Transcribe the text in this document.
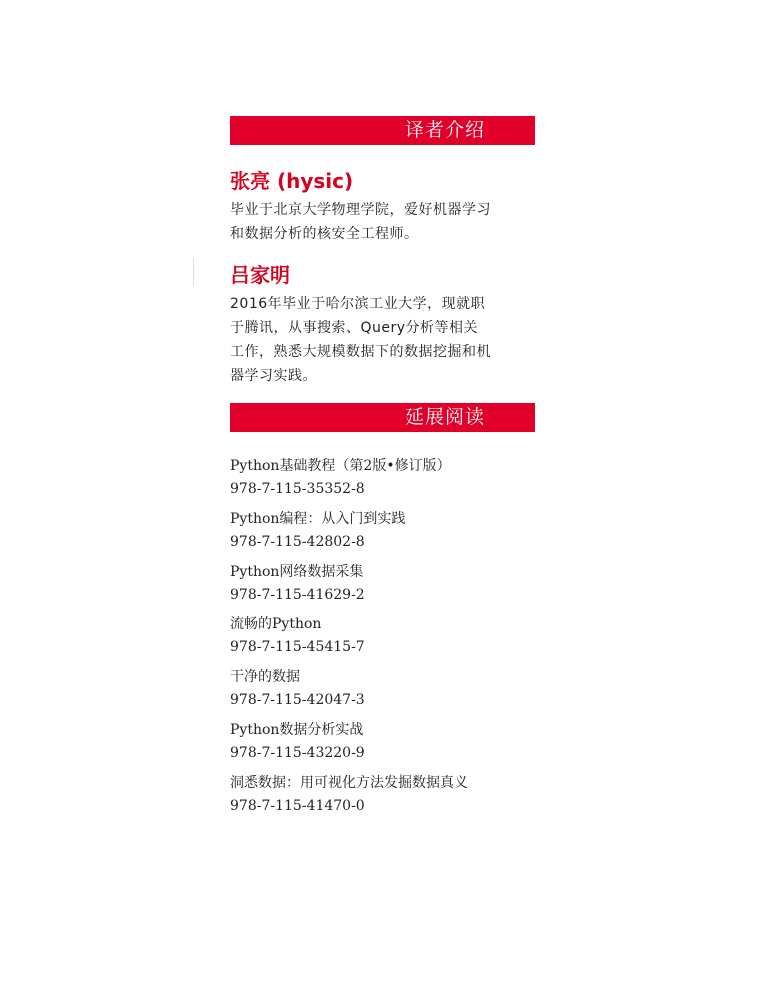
译者介绍
张亮 (hysic)

毕业于北京大学物理学院，爱好机器学习和数据分析的核安全工程师。

吕家明

2016年毕业于哈尔滨工业大学，现就职于腾讯，从事搜索、Query分析等相关工作，熟悉大规模数据下的数据挖掘和机器学习实践。

延展阅读
Python基础教程（第2版•修订版）
978-7-115-35352-8
Python编程：从入门到实践
978-7-115-42802-8
Python网络数据采集
978-7-115-41629-2
流畅的Python
978-7-115-45415-7
干净的数据
978-7-115-42047-3
Python数据分析实战
978-7-115-43220-9
洞悉数据：用可视化方法发掘数据真义
978-7-115-41470-0
